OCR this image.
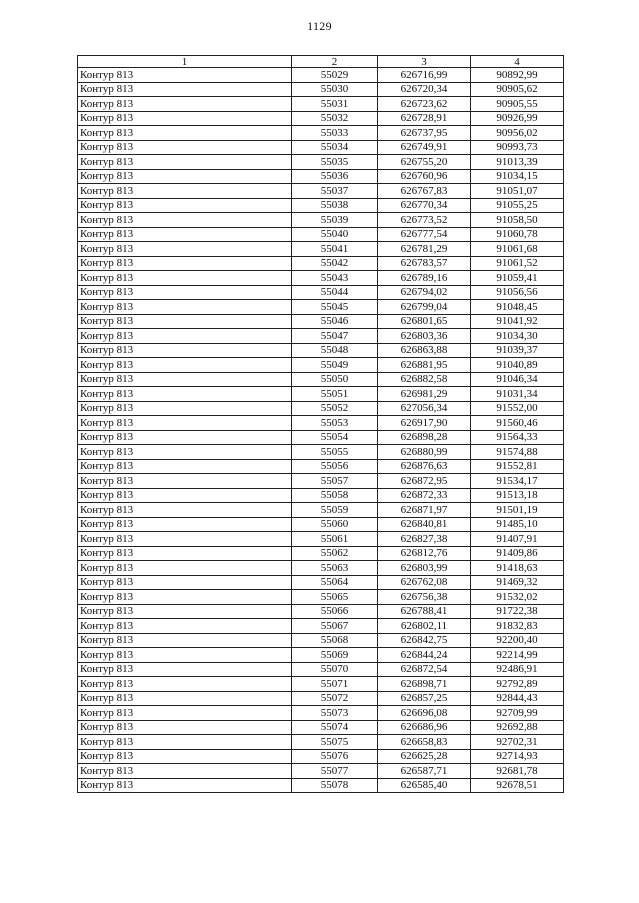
1129
1	2	3	4
Контур 813	55029	626716,99	90892,99
Контур 813	55030	626720,34	90905,62
Контур 813	55031	626723,62	90905,55
Контур 813	55032	626728,91	90926,99
Контур 813	55033	626737,95	90956,02
Контур 813	55034	626749,91	90993,73
Контур 813	55035	626755,20	91013,39
Контур 813	55036	626760,96	91034,15
Контур 813	55037	626767,83	91051,07
Контур 813	55038	626770,34	91055,25
Контур 813	55039	626773,52	91058,50
Контур 813	55040	626777,54	91060,78
Контур 813	55041	626781,29	91061,68
Контур 813	55042	626783,57	91061,52
Контур 813	55043	626789,16	91059,41
Контур 813	55044	626794,02	91056,56
Контур 813	55045	626799,04	91048,45
Контур 813	55046	626801,65	91041,92
Контур 813	55047	626803,36	91034,30
Контур 813	55048	626863,88	91039,37
Контур 813	55049	626881,95	91040,89
Контур 813	55050	626882,58	91046,34
Контур 813	55051	626981,29	91031,34
Контур 813	55052	627056,34	91552,00
Контур 813	55053	626917,90	91560,46
Контур 813	55054	626898,28	91564,33
Контур 813	55055	626880,99	91574,88
Контур 813	55056	626876,63	91552,81
Контур 813	55057	626872,95	91534,17
Контур 813	55058	626872,33	91513,18
Контур 813	55059	626871,97	91501,19
Контур 813	55060	626840,81	91485,10
Контур 813	55061	626827,38	91407,91
Контур 813	55062	626812,76	91409,86
Контур 813	55063	626803,99	91418,63
Контур 813	55064	626762,08	91469,32
Контур 813	55065	626756,38	91532,02
Контур 813	55066	626788,41	91722,38
Контур 813	55067	626802,11	91832,83
Контур 813	55068	626842,75	92200,40
Контур 813	55069	626844,24	92214,99
Контур 813	55070	626872,54	92486,91
Контур 813	55071	626898,71	92792,89
Контур 813	55072	626857,25	92844,43
Контур 813	55073	626696,08	92709,99
Контур 813	55074	626686,96	92692,88
Контур 813	55075	626658,83	92702,31
Контур 813	55076	626625,28	92714,93
Контур 813	55077	626587,71	92681,78
Контур 813	55078	626585,40	92678,51
